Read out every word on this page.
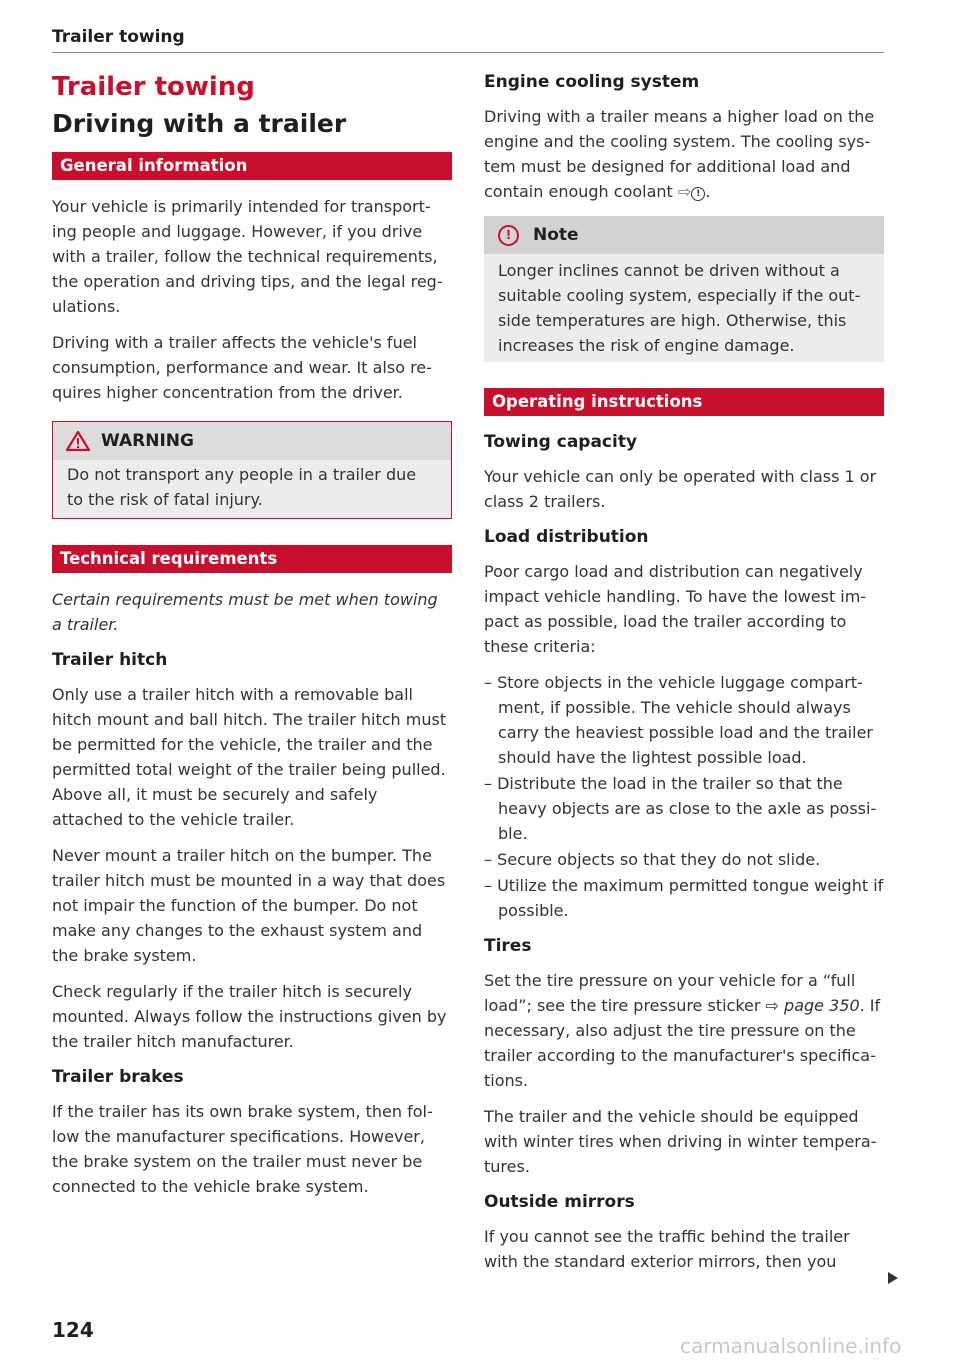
Trailer towing
Trailer towing
Driving with a trailer
General information

Your vehicle is primarily intended for transport-ing people and luggage. However, if you drive with a trailer, follow the technical requirements, the operation and driving tips, and the legal reg-ulations.

Driving with a trailer affects the vehicle's fuel consumption, performance and wear. It also re-quires higher concentration from the driver.

WARNING

Do not transport any people in a trailer due to the risk of fatal injury.

Technical requirements

Certain requirements must be met when towing a trailer.

Trailer hitch

Only use a trailer hitch with a removable ball hitch mount and ball hitch. The trailer hitch must be permitted for the vehicle, the trailer and the permitted total weight of the trailer being pulled. Above all, it must be securely and safely attached to the vehicle trailer.

Never mount a trailer hitch on the bumper. The trailer hitch must be mounted in a way that does not impair the function of the bumper. Do not make any changes to the exhaust system and the brake system.

Check regularly if the trailer hitch is securely mounted. Always follow the instructions given by the trailer hitch manufacturer.

Trailer brakes

If the trailer has its own brake system, then fol-low the manufacturer specifications. However, the brake system on the trailer must never be connected to the vehicle brake system.

Engine cooling system

Driving with a trailer means a higher load on the engine and the cooling system. The cooling sys-tem must be designed for additional load and contain enough coolant ⇨ ! .

!	Note

Longer inclines cannot be driven without a suitable cooling system, especially if the out-side temperatures are high. Otherwise, this increases the risk of engine damage.

Operating instructions
Towing capacity

Your vehicle can only be operated with class 1 or class 2 trailers.

Load distribution

Poor cargo load and distribution can negatively impact vehicle handling. To have the lowest im-pact as possible, load the trailer according to these criteria:

– Store objects in the vehicle luggage compart-ment, if possible. The vehicle should always carry the heaviest possible load and the trailer should have the lightest possible load.
– Distribute the load in the trailer so that the heavy objects are as close to the axle as possi-ble.
– Secure objects so that they do not slide.
– Utilize the maximum permitted tongue weight if possible.
Tires

Set the tire pressure on your vehicle for a “full load”; see the tire pressure sticker ⇨ page 350. If necessary, also adjust the tire pressure on the trailer according to the manufacturer's specifica-tions.

The trailer and the vehicle should be equipped with winter tires when driving in winter tempera-tures.

Outside mirrors

If you cannot see the traffic behind the trailer with the standard exterior mirrors, then you

124
carmanualsonline.info
